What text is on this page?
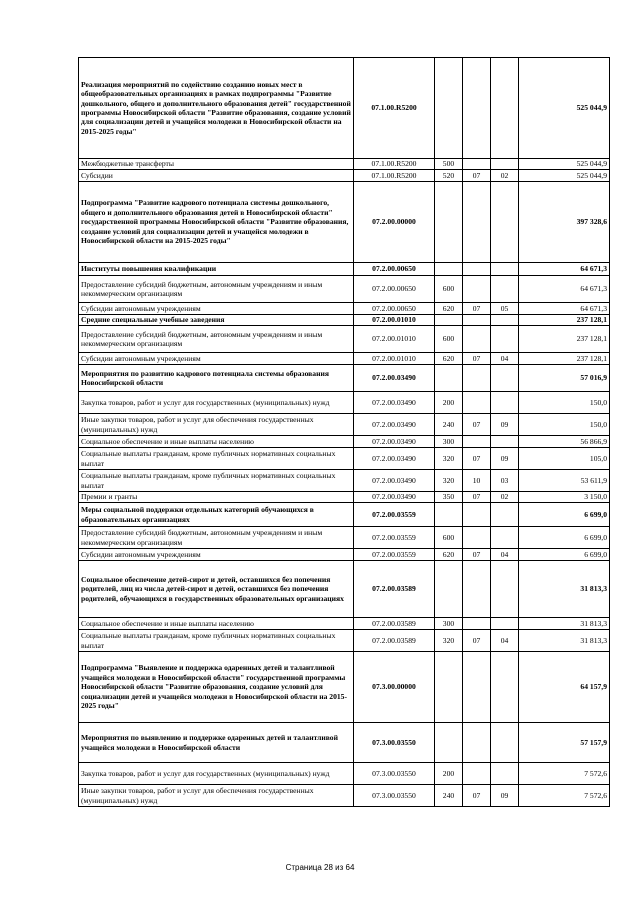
Реализация мероприятий по содействию созданию новых мест в общеобразовательных организациях в рамках подпрограммы "Развитие дошкольного, общего и дополнительного образования детей" государственной программы Новосибирской области "Развитие образования, создание условий для социализации детей и учащейся молодежи в Новосибирской области на 2015-2025 годы"	07.1.00.R5200				525 044,9
Межбюджетные трансферты	07.1.00.R5200	500			525 044,9
Субсидии	07.1.00.R5200	520	07	02	525 044,9
Подпрограмма "Развитие кадрового потенциала системы дошкольного, общего и дополнительного образования детей в Новосибирской области" государственной программы Новосибирской области "Развитие образования, создание условий для социализации детей и учащейся молодежи в Новосибирской области на 2015-2025 годы"	07.2.00.00000				397 328,6
Институты повышения квалификации	07.2.00.00650				64 671,3
Предоставление субсидий бюджетным, автономным учреждениям и иным некоммерческим организациям	07.2.00.00650	600			64 671,3
Субсидии автономным учреждениям	07.2.00.00650	620	07	05	64 671,3
Средние специальные учебные заведения	07.2.00.01010				237 128,1
Предоставление субсидий бюджетным, автономным учреждениям и иным некоммерческим организациям	07.2.00.01010	600			237 128,1
Субсидии автономным учреждениям	07.2.00.01010	620	07	04	237 128,1
Мероприятия по развитию кадрового потенциала системы образования Новосибирской области	07.2.00.03490				57 016,9
Закупка товаров, работ и услуг для государственных (муниципальных) нужд	07.2.00.03490	200			150,0
Иные закупки товаров, работ и услуг для обеспечения государственных (муниципальных) нужд	07.2.00.03490	240	07	09	150,0
Социальное обеспечение и иные выплаты населению	07.2.00.03490	300			56 866,9
Социальные выплаты гражданам, кроме публичных нормативных социальных выплат	07.2.00.03490	320	07	09	105,0
Социальные выплаты гражданам, кроме публичных нормативных социальных выплат	07.2.00.03490	320	10	03	53 611,9
Премии и гранты	07.2.00.03490	350	07	02	3 150,0
Меры социальной поддержки отдельных категорий обучающихся в образовательных организациях	07.2.00.03559				6 699,0
Предоставление субсидий бюджетным, автономным учреждениям и иным некоммерческим организациям	07.2.00.03559	600			6 699,0
Субсидии автономным учреждениям	07.2.00.03559	620	07	04	6 699,0
Социальное обеспечение детей-сирот и детей, оставшихся без попечения родителей, лиц из числа детей-сирот и детей, оставшихся без попечения родителей, обучающихся в государственных образовательных организациях	07.2.00.03589				31 813,3
Социальное обеспечение и иные выплаты населению	07.2.00.03589	300			31 813,3
Социальные выплаты гражданам, кроме публичных нормативных социальных выплат	07.2.00.03589	320	07	04	31 813,3
Подпрограмма "Выявление и поддержка одаренных детей и талантливой учащейся молодежи в Новосибирской области" государственной программы Новосибирской области "Развитие образования, создание условий для социализации детей и учащейся молодежи в Новосибирской области на 2015-2025 годы"	07.3.00.00000				64 157,9
Мероприятия по выявлению и поддержке одаренных детей и талантливой учащейся молодежи в Новосибирской области	07.3.00.03550				57 157,9
Закупка товаров, работ и услуг для государственных (муниципальных) нужд	07.3.00.03550	200			7 572,6
Иные закупки товаров, работ и услуг для обеспечения государственных (муниципальных) нужд	07.3.00.03550	240	07	09	7 572,6
Страница 28 из 64
